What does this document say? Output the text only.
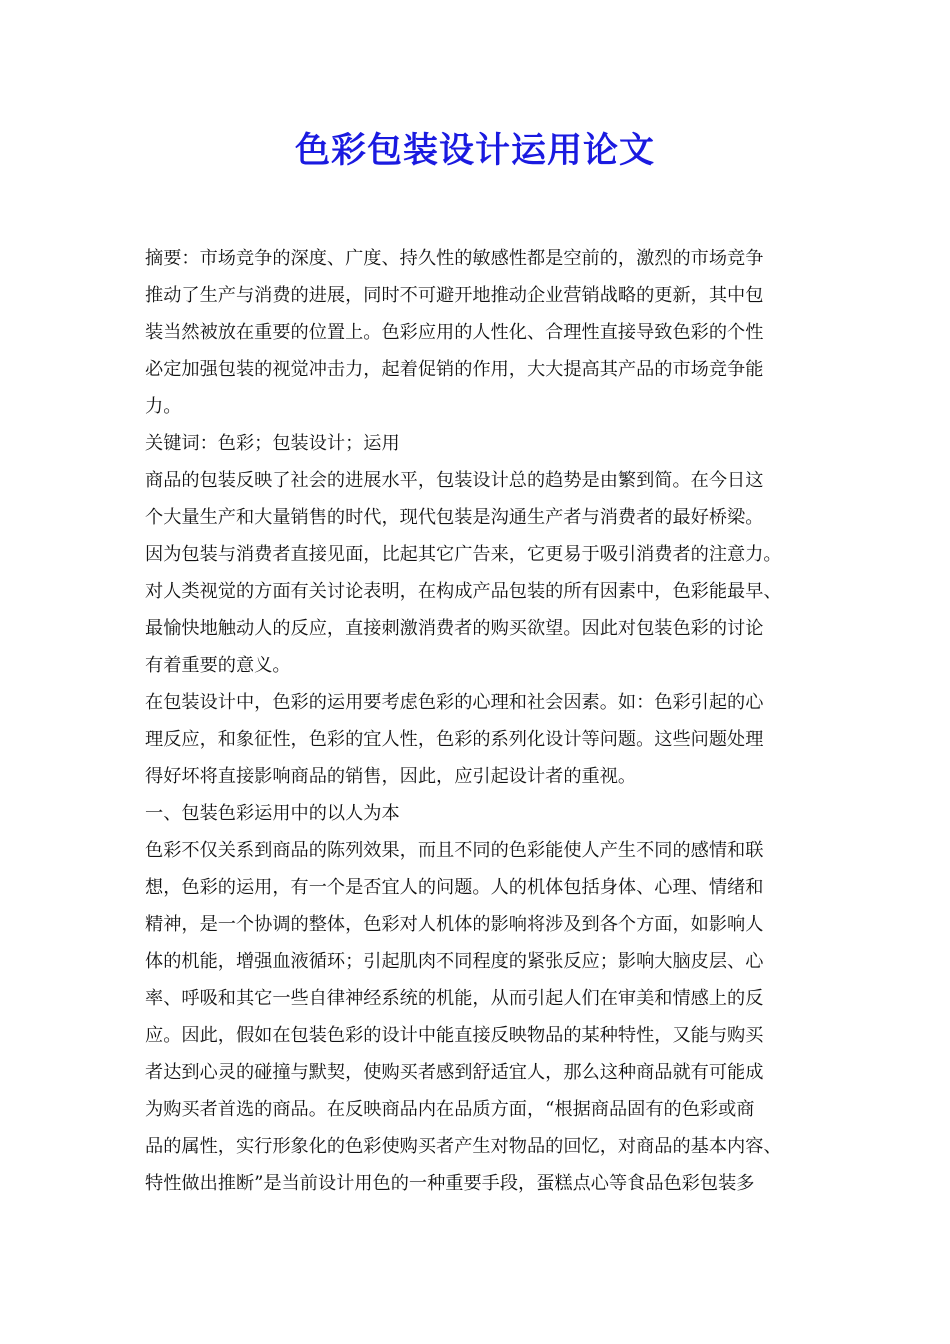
色彩包装设计运用论文
摘要：市场竞争的深度、广度、持久性的敏感性都是空前的，激烈的市场竞争
推动了生产与消费的进展，同时不可避开地推动企业营销战略的更新，其中包
装当然被放在重要的位置上。色彩应用的人性化、合理性直接导致色彩的个性
必定加强包装的视觉冲击力，起着促销的作用，大大提高其产品的市场竞争能
力。
关键词：色彩；包装设计；运用
商品的包装反映了社会的进展水平，包装设计总的趋势是由繁到简。在今日这
个大量生产和大量销售的时代，现代包装是沟通生产者与消费者的最好桥梁。
因为包装与消费者直接见面，比起其它广告来，它更易于吸引消费者的注意力。
对人类视觉的方面有关讨论表明，在构成产品包装的所有因素中，色彩能最早、
最愉快地触动人的反应，直接刺激消费者的购买欲望。因此对包装色彩的讨论
有着重要的意义。
在包装设计中，色彩的运用要考虑色彩的心理和社会因素。如：色彩引起的心
理反应，和象征性，色彩的宜人性，色彩的系列化设计等问题。这些问题处理
得好坏将直接影响商品的销售，因此，应引起设计者的重视。
一、包装色彩运用中的以人为本
色彩不仅关系到商品的陈列效果，而且不同的色彩能使人产生不同的感情和联
想，色彩的运用，有一个是否宜人的问题。人的机体包括身体、心理、情绪和
精神，是一个协调的整体，色彩对人机体的影响将涉及到各个方面，如影响人
体的机能，增强血液循环；引起肌肉不同程度的紧张反应；影响大脑皮层、心
率、呼吸和其它一些自律神经系统的机能，从而引起人们在审美和情感上的反
应。因此，假如在包装色彩的设计中能直接反映物品的某种特性，又能与购买
者达到心灵的碰撞与默契，使购买者感到舒适宜人，那么这种商品就有可能成
为购买者首选的商品。在反映商品内在品质方面，“根据商品固有的色彩或商
品的属性，实行形象化的色彩使购买者产生对物品的回忆，对商品的基本内容、
特性做出推断”是当前设计用色的一种重要手段，蛋糕点心等食品色彩包装多
